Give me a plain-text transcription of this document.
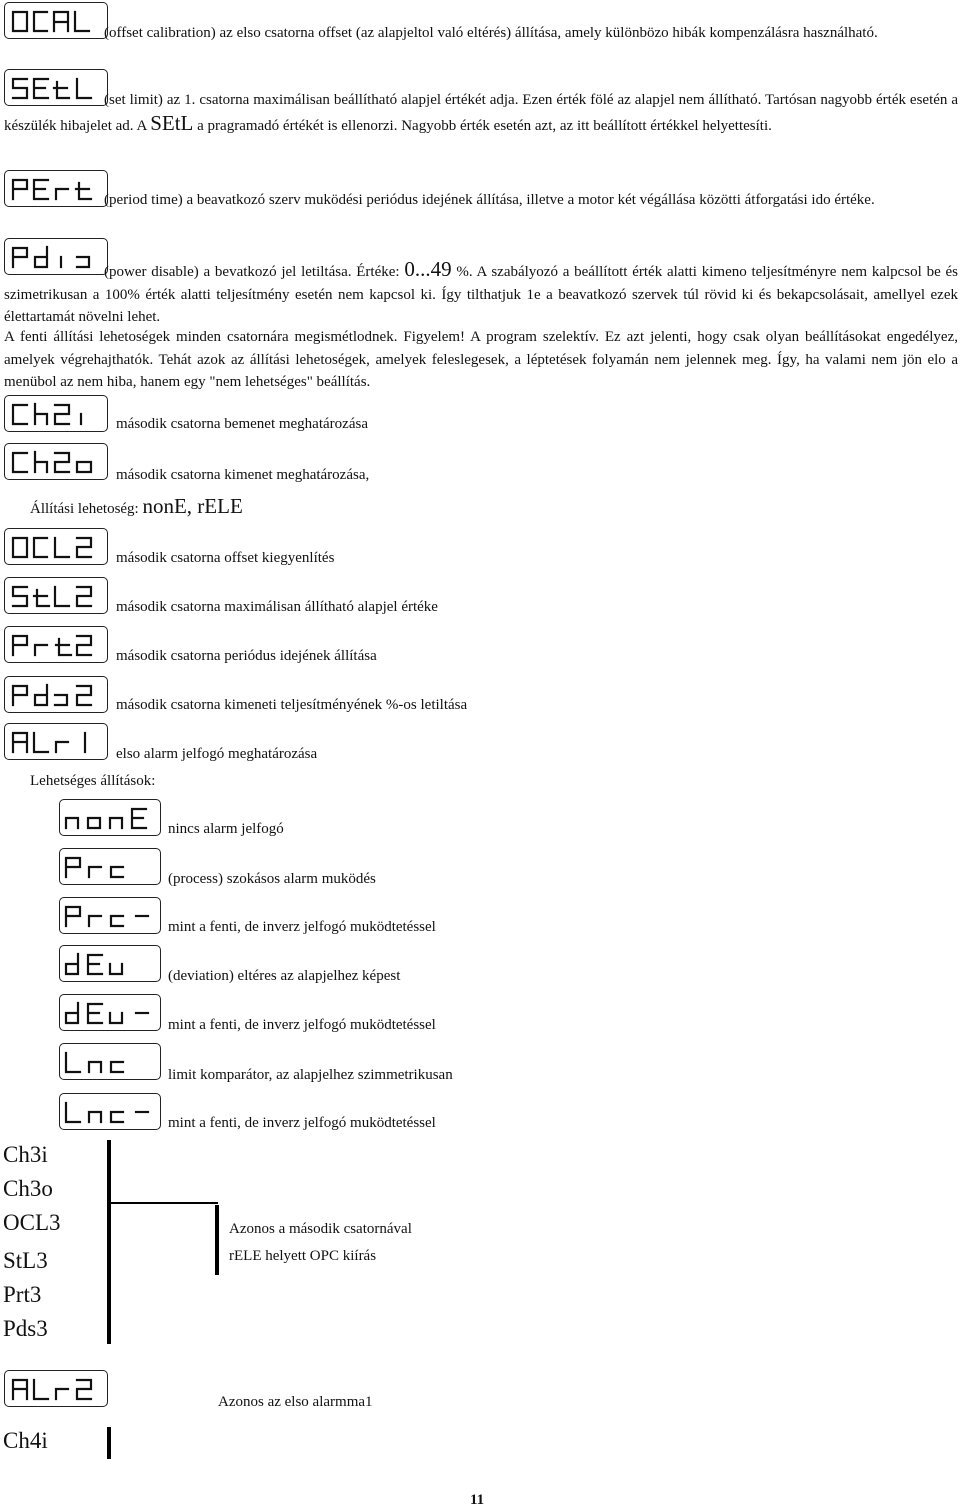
(offset calibration) az elso csatorna offset (az alapjeltol való eltérés) állítása, amely különbözo hibák kompenzálásra használható.
(set limit) az 1. csatorna maximálisan beállítható alapjel értékét adja. Ezen érték fölé az alapjel nem állítható. Tartósan nagyobb érték esetén a készülék hibajelet ad. A SEtL a pragramadó értékét is ellenorzi. Nagyobb érték esetén azt, az itt beállított értékkel helyettesíti.
(period time) a beavatkozó szerv muködési periódus idejének állítása, illetve a motor két végállása közötti átforgatási ido értéke.
(power disable) a bevatkozó jel letiltása. Értéke: 0...49 %. A szabályozó a beállított érték alatti kimeno teljesítményre nem kalpcsol be és szimetrikusan a 100% érték alatti teljesítmény esetén nem kapcsol ki. Így tilthatjuk 1e a beavatkozó szervek túl rövid ki és bekapcsolásait, amellyel ezek élettartamát növelni lehet.
A fenti állítási lehetoségek minden csatornára megismétlodnek. Figyelem! A program szelektív. Ez azt jelenti, hogy csak olyan beállításokat engedélyez, amelyek végrehajthatók. Tehát azok az állítási lehetoségek, amelyek feleslegesek, a léptetések folyamán nem jelennek meg. Így, ha valami nem jön elo a menübol az nem hiba, hanem egy "nem lehetséges" beállítás.
második csatorna bemenet meghatározása
második csatorna kimenet meghatározása,
Állítási lehetoség: nonE, rELE
második csatorna offset kiegyenlítés
második csatorna maximálisan állítható alapjel értéke
második csatorna periódus idejének állítása
második csatorna kimeneti teljesítményének %-os letiltása
elso alarm jelfogó meghatározása
Lehetséges állítások:
nincs alarm jelfogó
(process) szokásos alarm muködés
mint a fenti, de inverz jelfogó muködtetéssel
(deviation) eltéres az alapjelhez képest
mint a fenti, de inverz jelfogó muködtetéssel
limit komparátor, az alapjelhez szimmetrikusan
mint a fenti, de inverz jelfogó muködtetéssel
Ch3i
Ch3o
OCL3
StL3
Prt3
Pds3
Azonos a második csatornával
rELE helyett OPC kiírás
Azonos az elso alarmma1
Ch4i
11
